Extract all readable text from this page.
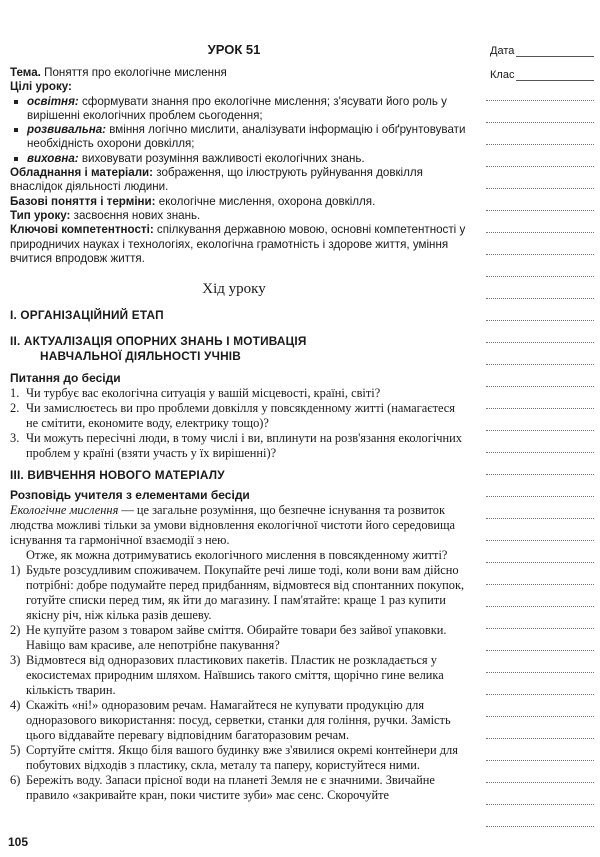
Дата
Клас
УРОК 51

Тема. Поняття про екологічне мислення

Цілі уроку:

освітня: сформувати знання про екологічне мислення; з'ясувати його роль у вирішенні екологічних проблем сьогодення;

розвивальна: вміння логічно мислити, аналізувати інформацію і обґрунтовувати необхідність охорони довкілля;

виховна: виховувати розуміння важливості екологічних знань.

Обладнання і матеріали: зображення, що ілюструють руйнування довкілля внаслідок діяльності людини.

Базові поняття і терміни: екологічне мислення, охорона довкілля.

Тип уроку: засвоєння нових знань.

Ключові компетентності: спілкування державною мовою, основні компетентності у природничих науках і технологіях, екологічна грамотність і здорове життя, уміння вчитися впродовж життя.

Хід уроку

І. ОРГАНІЗАЦІЙНИЙ ЕТАП

ІІ. АКТУАЛІЗАЦІЯ ОПОРНИХ ЗНАНЬ І МОТИВАЦІЯ

НАВЧАЛЬНОЇ ДІЯЛЬНОСТІ УЧНІВ

Питання до бесіди

1. Чи турбує вас екологічна ситуація у вашій місцевості, країні, світі?
2. Чи замислюєтесь ви про проблеми довкілля у повсякденному житті (намагаєтеся не смітити, економите воду, електрику тощо)?
3. Чи можуть пересічні люди, в тому числі і ви, вплинути на розв'язання екологічних проблем у країні (взяти участь у їх вирішенні)?

ІІІ. ВИВЧЕННЯ НОВОГО МАТЕРІАЛУ

Розповідь учителя з елементами бесіди

Екологічне мислення — це загальне розуміння, що безпечне існування та розвиток людства можливі тільки за умови відновлення екологічної чистоти його середовища існування та гармонічної взаємодії з нею.

Отже, як можна дотримуватись екологічного мислення в повсякденному житті?

1) Будьте розсудливим споживачем. Покупайте речі лише тоді, коли вони вам дійсно потрібні: добре подумайте перед придбанням, відмовтеся від спонтанних покупок, готуйте списки перед тим, як йти до магазину. І пам'ятайте: краще 1 раз купити якісну річ, ніж кілька разів дешеву.
2) Не купуйте разом з товаром зайве сміття. Обирайте товари без зайвої упаковки. Навіщо вам красиве, але непотрібне пакування?
3) Відмовтеся від одноразових пластикових пакетів. Пластик не розкладається у екосистемах природним шляхом. Наївшись такого сміття, щорічно гине велика кількість тварин.
4) Скажіть «ні!» одноразовим речам. Намагайтеся не купувати продукцію для одноразового використання: посуд, серветки, станки для гоління, ручки. Замість цього віддавайте перевагу відповідним багаторазовим речам.
5) Сортуйте сміття. Якщо біля вашого будинку вже з'явилися окремі контейнери для побутових відходів з пластику, скла, металу та паперу, користуйтеся ними.
6) Бережіть воду. Запаси прісної води на планеті Земля не є значними. Звичайне правило «закривайте кран, поки чистите зуби» має сенс. Скорочуйте
105
